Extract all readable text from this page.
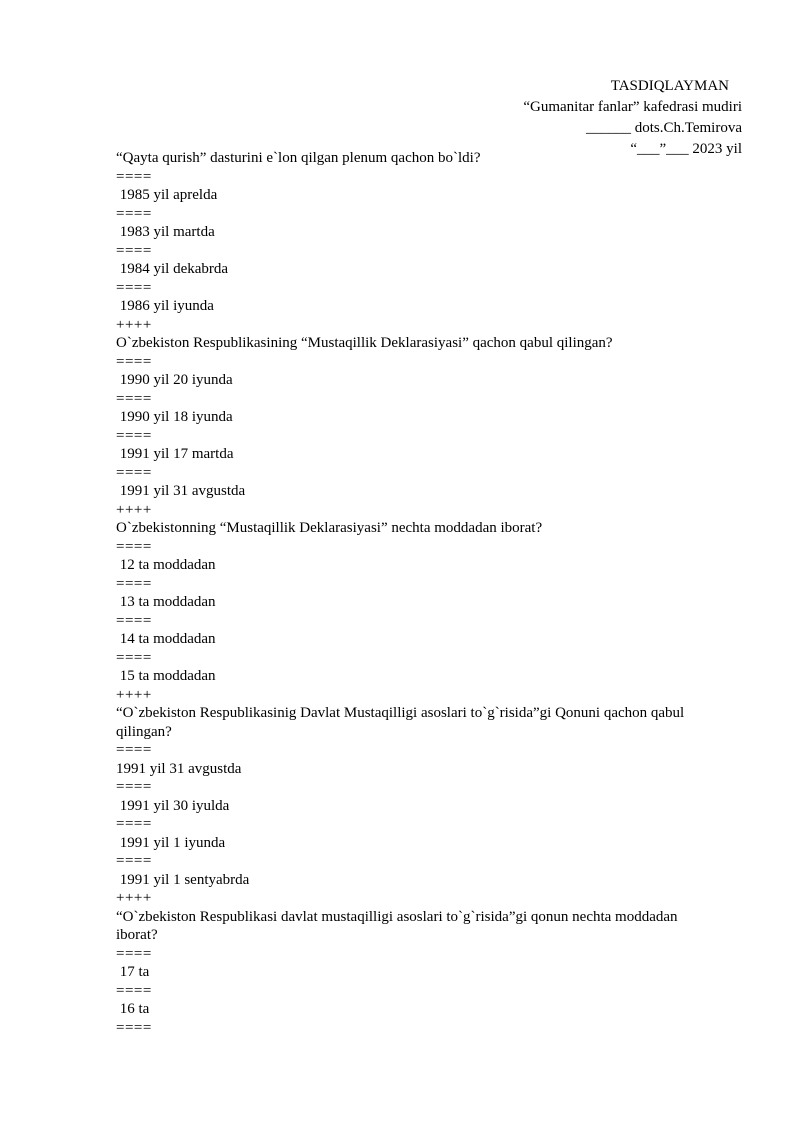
TASDIQLAYMAN
“Gumanitar fanlar” kafedrasi mudiri
______ dots.Ch.Temirova
“___”___ 2023 yil
“Qayta qurish” dasturini e`lon qilgan plenum qachon bo`ldi?
====
1985 yil aprelda
====
1983 yil martda
====
1984 yil dekabrda
====
1986 yil iyunda
++++
O`zbekiston Respublikasining “Mustaqillik Deklarasiyasi” qachon qabul qilingan?
====
1990 yil 20 iyunda
====
1990 yil 18 iyunda
====
1991 yil 17 martda
====
1991 yil 31 avgustda
++++
O`zbekistonning “Mustaqillik Deklarasiyasi” nechta moddadan iborat?
====
12 ta moddadan
====
13 ta moddadan
====
14 ta moddadan
====
15 ta moddadan
++++
“O`zbekiston Respublikasinig Davlat Mustaqilligi asoslari to`g`risida”gi Qonuni qachon qabul
qilingan?
====
1991 yil 31 avgustda
====
1991 yil 30 iyulda
====
1991 yil 1 iyunda
====
1991 yil 1 sentyabrda
++++
“O`zbekiston Respublikasi davlat mustaqilligi asoslari to`g`risida”gi qonun nechta moddadan
iborat?
====
17 ta
====
16 ta
====
